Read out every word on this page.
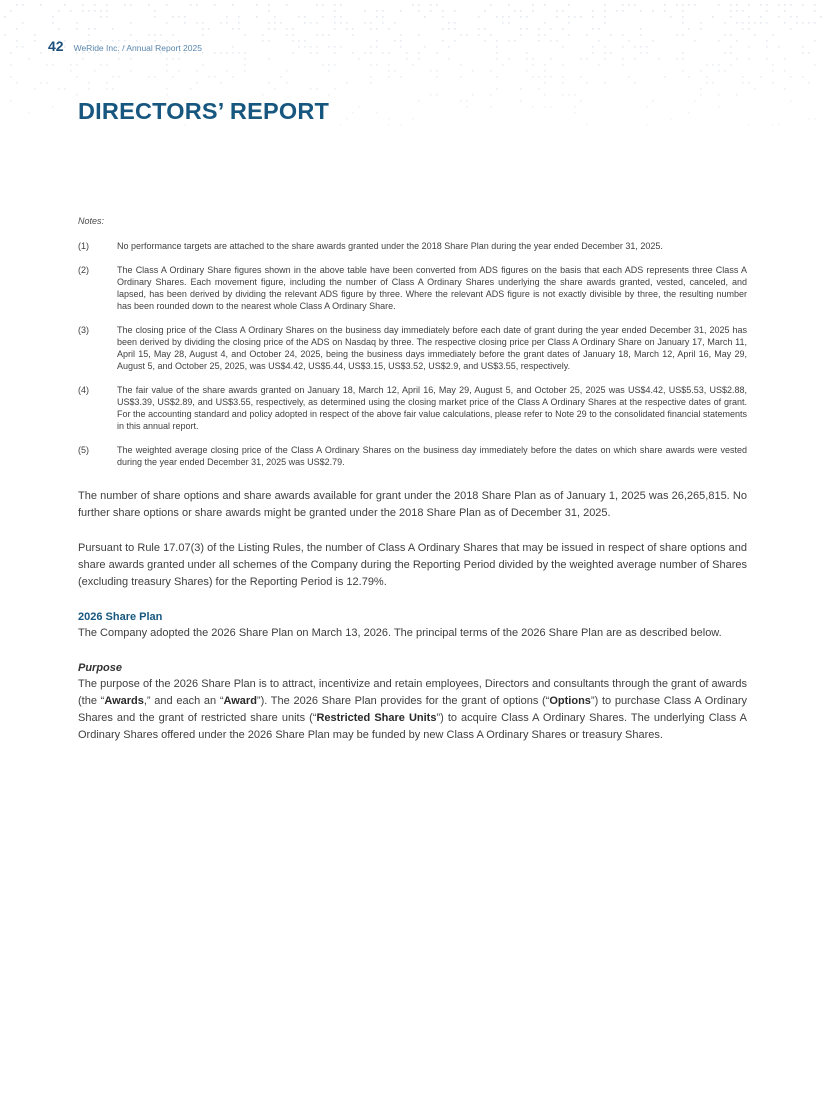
42 WeRide Inc. / Annual Report 2025
DIRECTORS’ REPORT
Notes:
(1)	No performance targets are attached to the share awards granted under the 2018 Share Plan during the year ended December 31, 2025.
(2)	The Class A Ordinary Share figures shown in the above table have been converted from ADS figures on the basis that each ADS represents three Class A Ordinary Shares. Each movement figure, including the number of Class A Ordinary Shares underlying the share awards granted, vested, canceled, and lapsed, has been derived by dividing the relevant ADS figure by three. Where the relevant ADS figure is not exactly divisible by three, the resulting number has been rounded down to the nearest whole Class A Ordinary Share.
(3)	The closing price of the Class A Ordinary Shares on the business day immediately before each date of grant during the year ended December 31, 2025 has been derived by dividing the closing price of the ADS on Nasdaq by three. The respective closing price per Class A Ordinary Share on January 17, March 11, April 15, May 28, August 4, and October 24, 2025, being the business days immediately before the grant dates of January 18, March 12, April 16, May 29, August 5, and October 25, 2025, was US$4.42, US$5.44, US$3.15, US$3.52, US$2.9, and US$3.55, respectively.
(4)	The fair value of the share awards granted on January 18, March 12, April 16, May 29, August 5, and October 25, 2025 was US$4.42, US$5.53, US$2.88, US$3.39, US$2.89, and US$3.55, respectively, as determined using the closing market price of the Class A Ordinary Shares at the respective dates of grant. For the accounting standard and policy adopted in respect of the above fair value calculations, please refer to Note 29 to the consolidated financial statements in this annual report.
(5)	The weighted average closing price of the Class A Ordinary Shares on the business day immediately before the dates on which share awards were vested during the year ended December 31, 2025 was US$2.79.

The number of share options and share awards available for grant under the 2018 Share Plan as of January 1, 2025 was 26,265,815. No further share options or share awards might be granted under the 2018 Share Plan as of December 31, 2025.

Pursuant to Rule 17.07(3) of the Listing Rules, the number of Class A Ordinary Shares that may be issued in respect of share options and share awards granted under all schemes of the Company during the Reporting Period divided by the weighted average number of Shares (excluding treasury Shares) for the Reporting Period is 12.79%.

2026 Share Plan

The Company adopted the 2026 Share Plan on March 13, 2026. The principal terms of the 2026 Share Plan are as described below.

Purpose

The purpose of the 2026 Share Plan is to attract, incentivize and retain employees, Directors and consultants through the grant of awards (the “Awards,” and each an “Award”). The 2026 Share Plan provides for the grant of options (“Options”) to purchase Class A Ordinary Shares and the grant of restricted share units (“Restricted Share Units”) to acquire Class A Ordinary Shares. The underlying Class A Ordinary Shares offered under the 2026 Share Plan may be funded by new Class A Ordinary Shares or treasury Shares.
